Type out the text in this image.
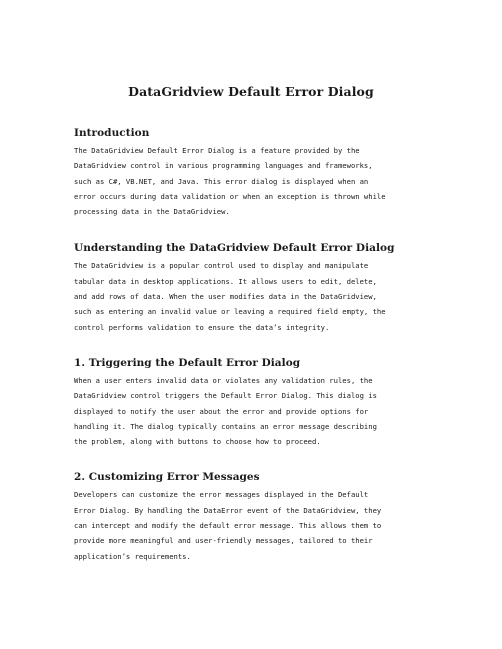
DataGridview Default Error Dialog
Introduction

The DataGridview Default Error Dialog is a feature provided by the
DataGridview control in various programming languages and frameworks,
such as C#, VB.NET, and Java. This error dialog is displayed when an
error occurs during data validation or when an exception is thrown while
processing data in the DataGridview.

Understanding the DataGridview Default Error Dialog

The DataGridview is a popular control used to display and manipulate
tabular data in desktop applications. It allows users to edit, delete,
and add rows of data. When the user modifies data in the DataGridview,
such as entering an invalid value or leaving a required field empty, the
control performs validation to ensure the data’s integrity.

1. Triggering the Default Error Dialog

When a user enters invalid data or violates any validation rules, the
DataGridview control triggers the Default Error Dialog. This dialog is
displayed to notify the user about the error and provide options for
handling it. The dialog typically contains an error message describing
the problem, along with buttons to choose how to proceed.

2. Customizing Error Messages

Developers can customize the error messages displayed in the Default
Error Dialog. By handling the DataError event of the DataGridview, they
can intercept and modify the default error message. This allows them to
provide more meaningful and user-friendly messages, tailored to their
application’s requirements.
